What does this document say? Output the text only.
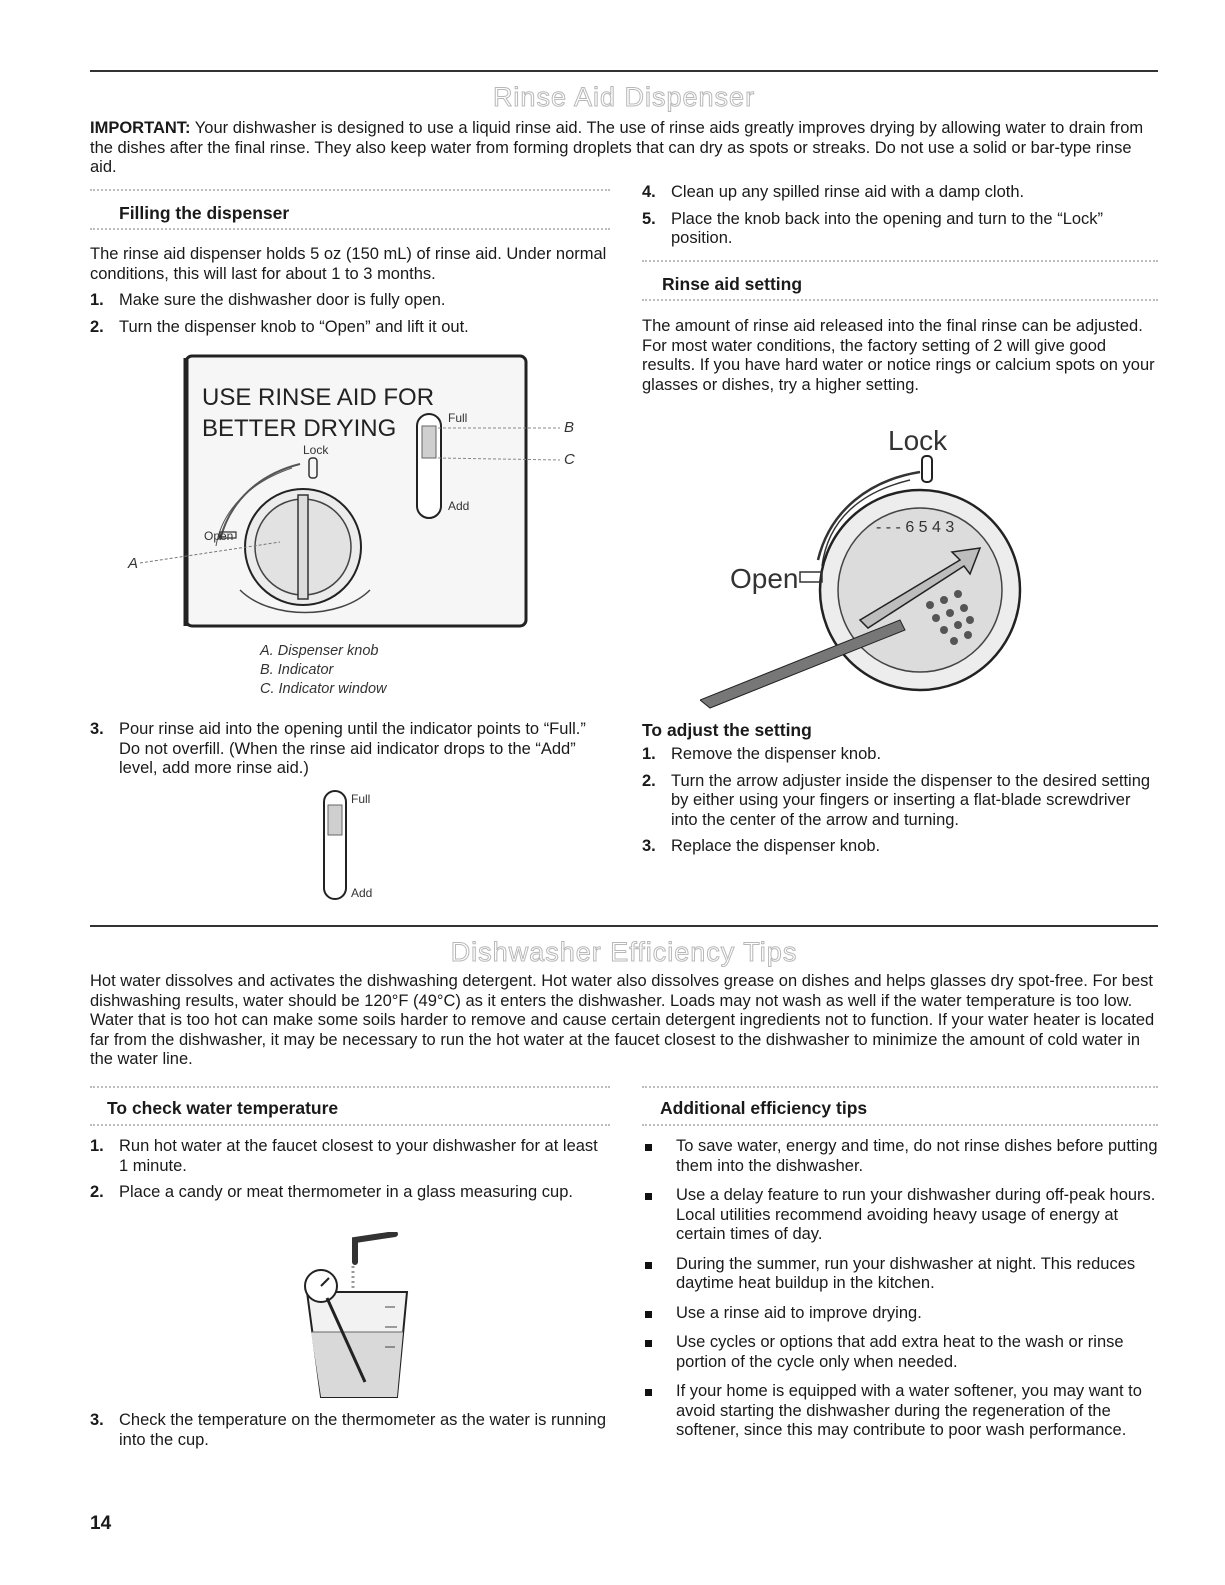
Rinse Aid Dispenser
IMPORTANT: Your dishwasher is designed to use a liquid rinse aid. The use of rinse aids greatly improves drying by allowing water to drain from the dishes after the final rinse. They also keep water from forming droplets that can dry as spots or streaks. Do not use a solid or bar-type rinse aid.
Filling the dispenser
The rinse aid dispenser holds 5 oz (150 mL) of rinse aid. Under normal conditions, this will last for about 1 to 3 months.
1. Make sure the dishwasher door is fully open.
2. Turn the dispenser knob to “Open” and lift it out.
USE RINSE AID FOR
BETTER DRYING
Lock
Open
A
Full
Add
B
C
A. Dispenser knob
B. Indicator
C. Indicator window
3. Pour rinse aid into the opening until the indicator points to “Full.” Do not overfill. (When the rinse aid indicator drops to the “Add” level, add more rinse aid.)
Full
Add
4. Clean up any spilled rinse aid with a damp cloth.
5. Place the knob back into the opening and turn to the “Lock” position.
Rinse aid setting
The amount of rinse aid released into the final rinse can be adjusted. For most water conditions, the factory setting of 2 will give good results. If you have hard water or notice rings or calcium spots on your glasses or dishes, try a higher setting.
Lock
- - - 6 5 4 3
Open
To adjust the setting
1. Remove the dispenser knob.
2. Turn the arrow adjuster inside the dispenser to the desired setting by either using your fingers or inserting a flat-blade screwdriver into the center of the arrow and turning.
3. Replace the dispenser knob.
Dishwasher Efficiency Tips
Hot water dissolves and activates the dishwashing detergent. Hot water also dissolves grease on dishes and helps glasses dry spot-free. For best dishwashing results, water should be 120°F (49°C) as it enters the dishwasher. Loads may not wash as well if the water temperature is too low. Water that is too hot can make some soils harder to remove and cause certain detergent ingredients not to function. If your water heater is located far from the dishwasher, it may be necessary to run the hot water at the faucet closest to the dishwasher to minimize the amount of cold water in the water line.
To check water temperature
1. Run hot water at the faucet closest to your dishwasher for at least 1 minute.
2. Place a candy or meat thermometer in a glass measuring cup.
3. Check the temperature on the thermometer as the water is running into the cup.
Additional efficiency tips
To save water, energy and time, do not rinse dishes before putting them into the dishwasher.
Use a delay feature to run your dishwasher during off-peak hours. Local utilities recommend avoiding heavy usage of energy at certain times of day.
During the summer, run your dishwasher at night. This reduces daytime heat buildup in the kitchen.
Use a rinse aid to improve drying.
Use cycles or options that add extra heat to the wash or rinse portion of the cycle only when needed.
If your home is equipped with a water softener, you may want to avoid starting the dishwasher during the regeneration of the softener, since this may contribute to poor wash performance.
14
